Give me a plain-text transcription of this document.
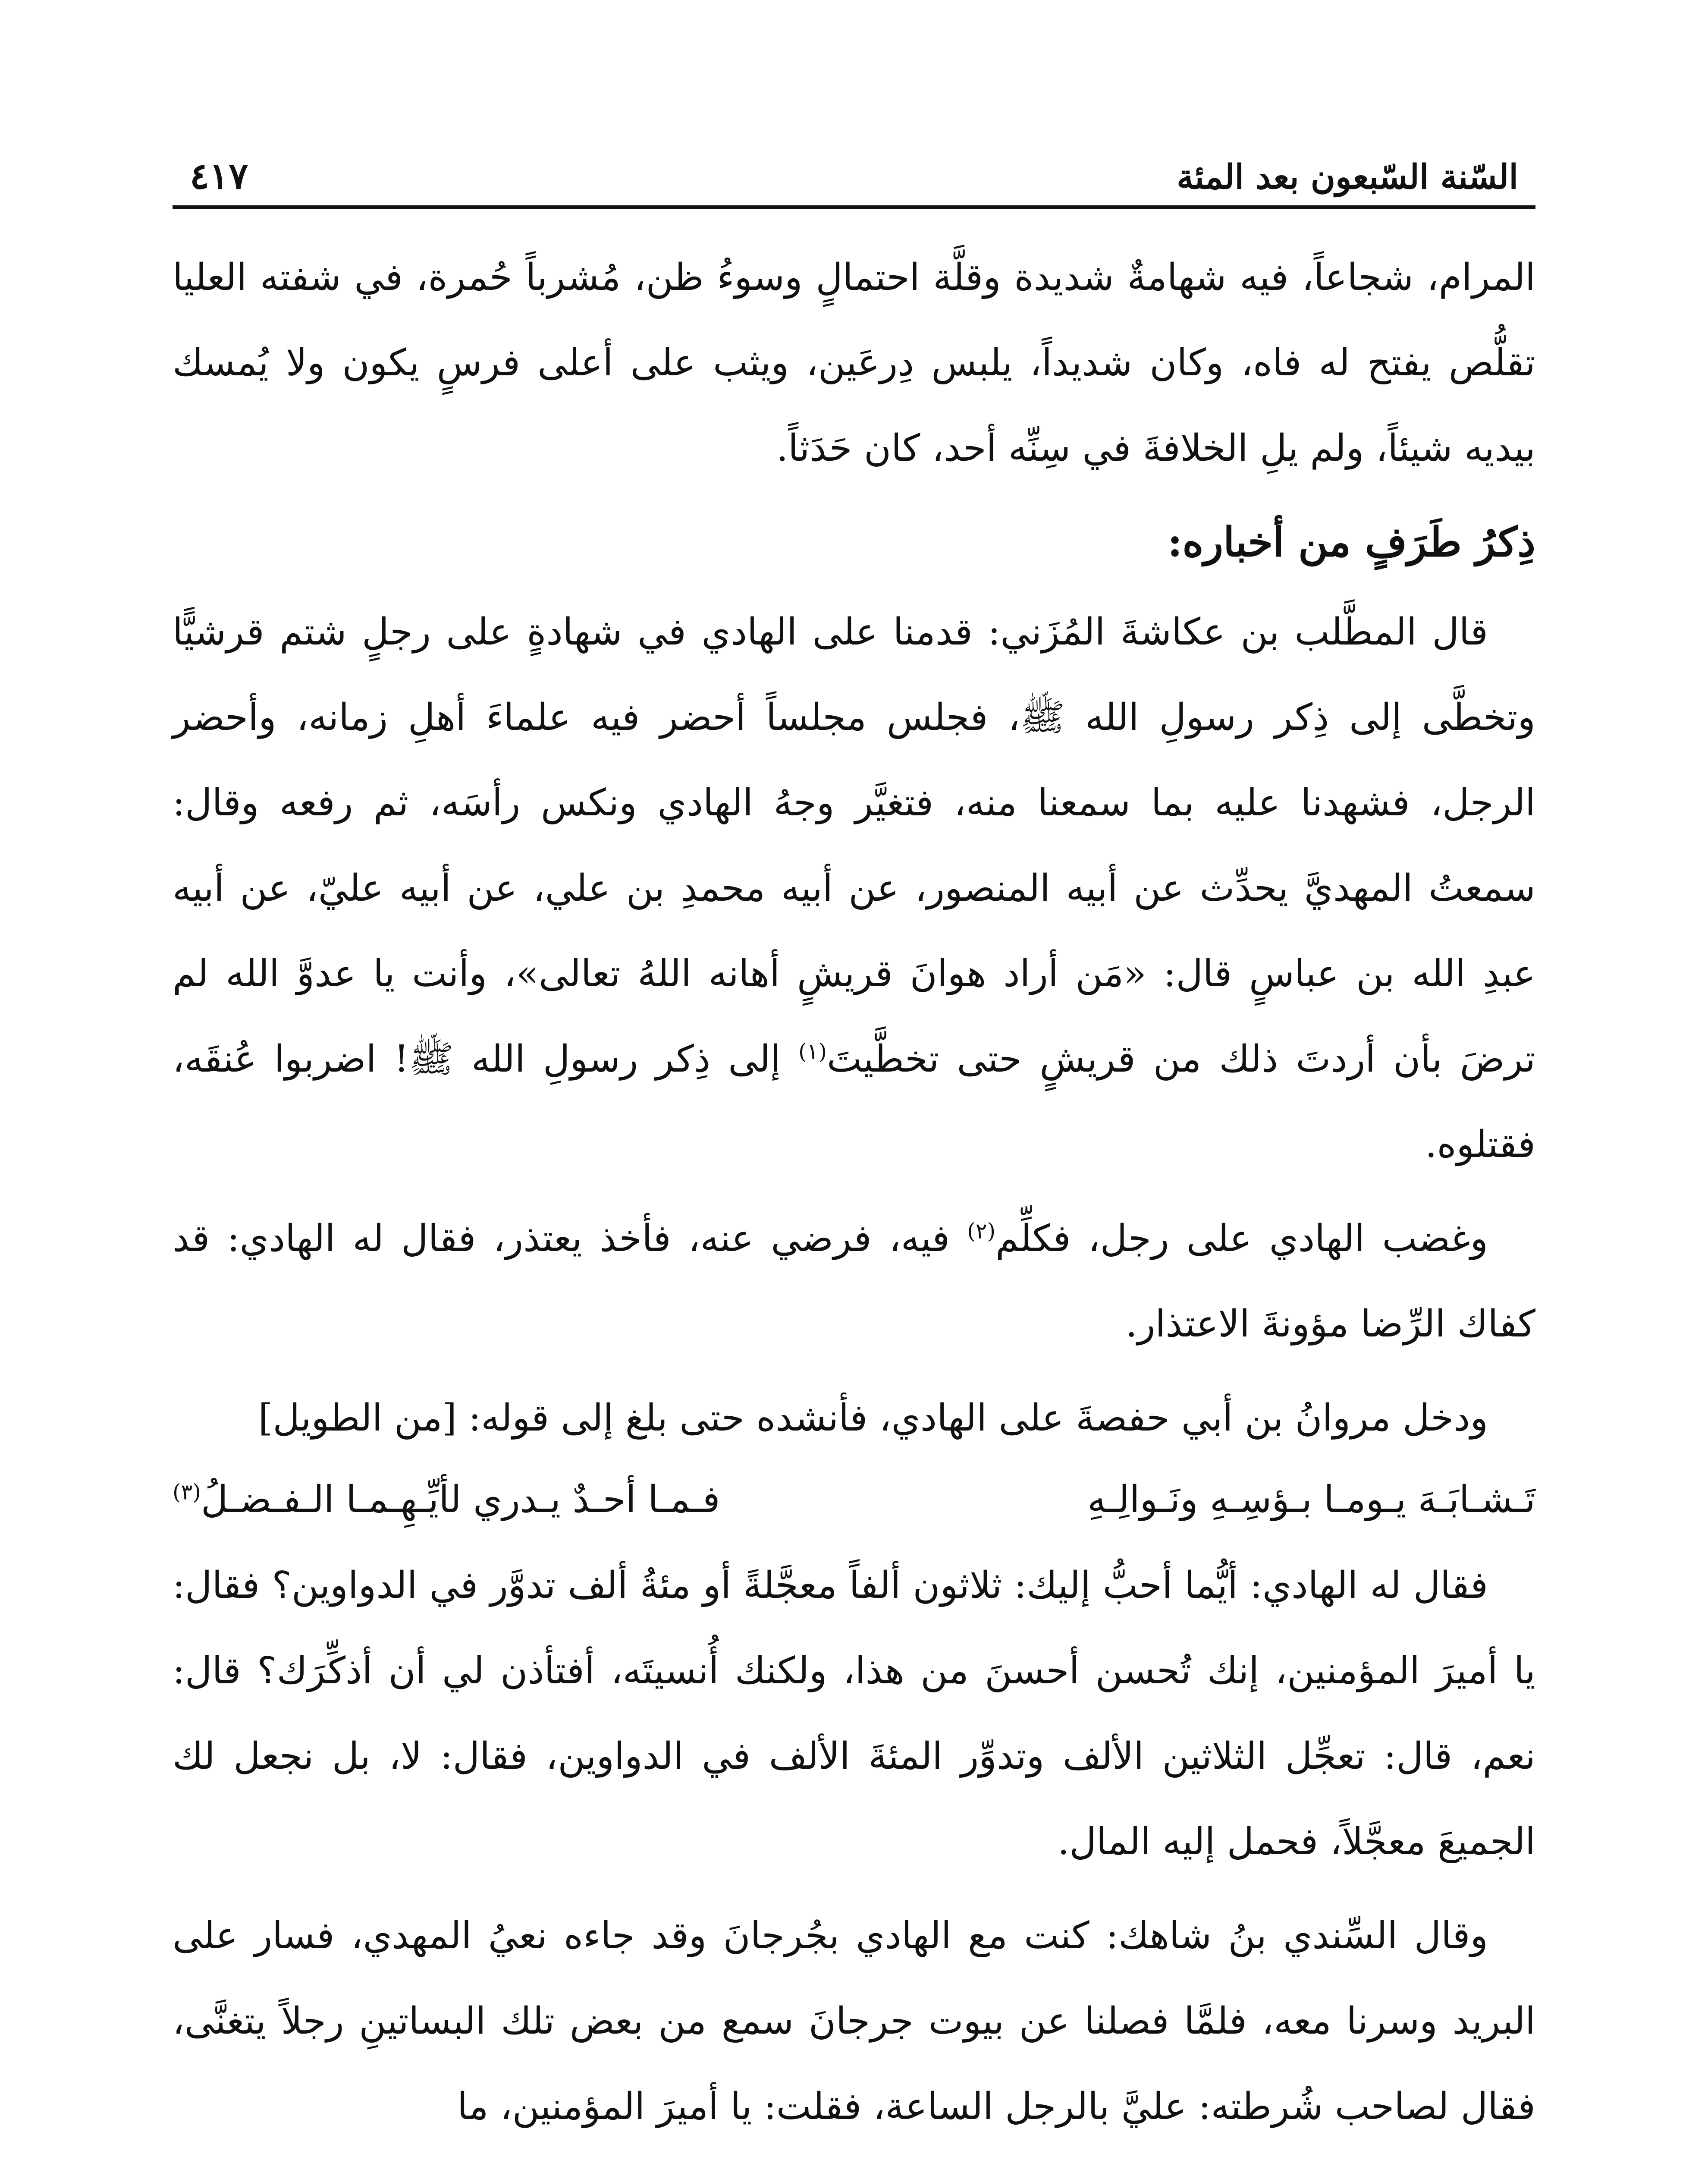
السّنة السّبعون بعد المئة
٤١٧

المرام، شجاعاً، فيه شهامةٌ شديدة وقلَّة احتمالٍ وسوءُ ظن، مُشرباً حُمرة، في شفته العليا تقلُّص يفتح له فاه، وكان شديداً، يلبس دِرعَين، ويثب على أعلى فرسٍ يكون ولا يُمسك بيديه شيئاً، ولم يلِ الخلافةَ في سِنِّه أحد، كان حَدَثاً.

ذِكرُ طَرَفٍ من أخباره:

قال المطَّلب بن عكاشةَ المُزَني: قدمنا على الهادي في شهادةٍ على رجلٍ شتم قرشيًّا وتخطَّى إلى ذِكر رسولِ الله ﷺ، فجلس مجلساً أحضر فيه علماءَ أهلِ زمانه، وأحضر الرجل، فشهدنا عليه بما سمعنا منه، فتغيَّر وجهُ الهادي ونكس رأسَه، ثم رفعه وقال: سمعتُ المهديَّ يحدِّث عن أبيه المنصور، عن أبيه محمدِ بن علي، عن أبيه عليّ، عن أبيه عبدِ الله بن عباسٍ قال: «مَن أراد هوانَ قريشٍ أهانه اللهُ تعالى»، وأنت يا عدوَّ الله لم ترضَ بأن أردتَ ذلك من قريشٍ حتى تخطَّيتَ$^{(١)}$ إلى ذِكر رسولِ الله ﷺ! اضربوا عُنقَه، فقتلوه.

وغضب الهادي على رجل، فكلِّم$^{(٢)}$ فيه، فرضي عنه، فأخذ يعتذر، فقال له الهادي: قد كفاك الرِّضا مؤونةَ الاعتذار.

ودخل مروانُ بن أبي حفصةَ على الهادي، فأنشده حتى بلغ إلى قوله: [من الطويل]

تَـشـابَـهَ يـومـا بـؤسِـهِ ونَـوالِـهِ
فـمـا أحـدٌ يـدري لأيِّـهِـمـا الـفـضـلُ$^{(٣)}$

فقال له الهادي: أيُّما أحبُّ إليك: ثلاثون ألفاً معجَّلةً أو مئةُ ألف تدوَّر في الدواوين؟ فقال: يا أميرَ المؤمنين، إنك تُحسن أحسنَ من هذا، ولكنك أُنسيتَه، أفتأذن لي أن أذكِّرَك؟ قال: نعم، قال: تعجِّل الثلاثين الألف وتدوِّر المئةَ الألف في الدواوين، فقال: لا، بل نجعل لك الجميعَ معجَّلاً، فحمل إليه المال.

وقال السِّندي بنُ شاهك: كنت مع الهادي بجُرجانَ وقد جاءه نعيُ المهدي، فسار على البريد وسرنا معه، فلمَّا فصلنا عن بيوت جرجانَ سمع من بعض تلك البساتينِ رجلاً يتغنَّى، فقال لصاحب شُرطته: عليَّ بالرجل الساعة، فقلت: يا أميرَ المؤمنين، ما
